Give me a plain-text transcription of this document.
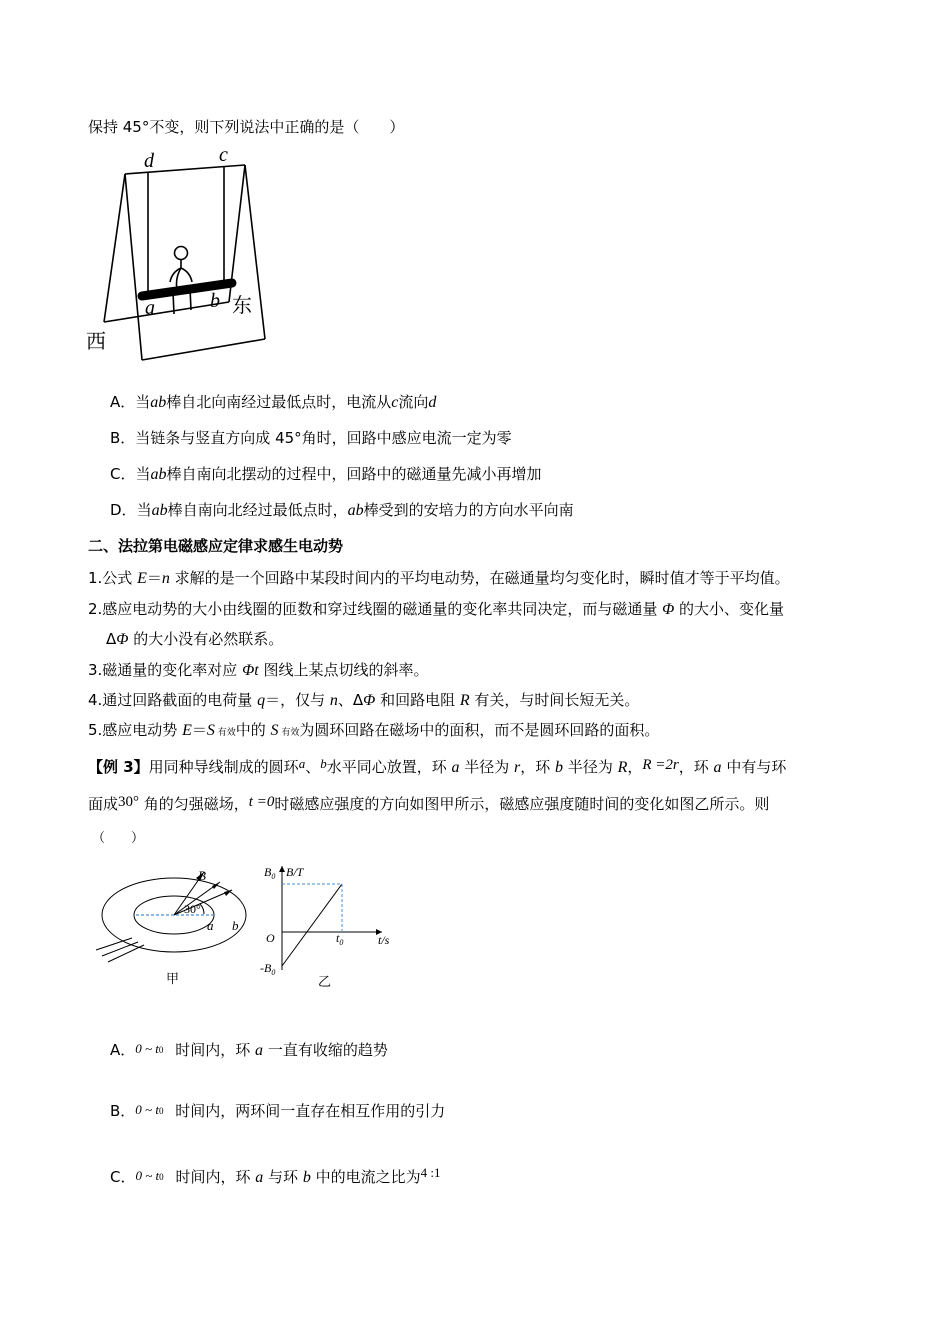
保持 45°不变，则下列说法中正确的是（　　）
d	c
a	b 东
西
A．当ab棒自北向南经过最低点时，电流从c流向d
B．当链条与竖直方向成 45°角时，回路中感应电流一定为零
C．当ab棒自南向北摆动的过程中，回路中的磁通量先减小再增加
D．当ab棒自南向北经过最低点时，ab棒受到的安培力的方向水平向南
二、法拉第电磁感应定律求感生电动势
1.公式 E＝n 求解的是一个回路中某段时间内的平均电动势，在磁通量均匀变化时，瞬时值才等于平均值。
2.感应电动势的大小由线圈的匝数和穿过线圈的磁通量的变化率共同决定，而与磁通量 Φ 的大小、变化量
ΔΦ 的大小没有必然联系。
3.磁通量的变化率对应 Φt 图线上某点切线的斜率。
4.通过回路截面的电荷量 q＝，仅与 n、ΔΦ 和回路电阻 R 有关，与时间长短无关。
5.感应电动势 E＝S 有效中的 S 有效为圆环回路在磁场中的面积，而不是圆环回路的面积。
【例 3】用同种导线制成的圆环a、b水平同心放置，环 a 半径为 r，环 b 半径为 R，R =2r，环 a 中有与环
面成30° 角的匀强磁场，t =0时磁感应强度的方向如图甲所示，磁感应强度随时间的变化如图乙所示。则
（　　）
B
30°
a b
甲
$B_0$ B/T
O	$t_0$	t/s
$-B_0$
乙
A． 0 ~ t0 时间内，环 a 一直有收缩的趋势
B． 0 ~ t0 时间内，两环间一直存在相互作用的引力
C． 0 ~ t0 时间内，环 a 与环 b 中的电流之比为4 :1
